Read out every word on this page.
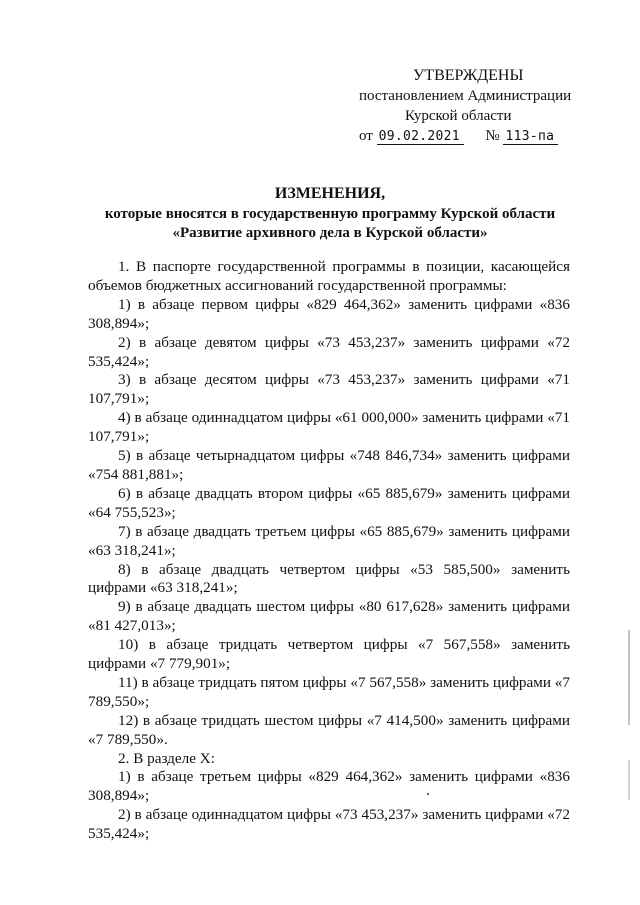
УТВЕРЖДЕНЫ
постановлением Администрации
Курской области
от 09.02.2021 № 113-па
ИЗМЕНЕНИЯ,
которые вносятся в государственную программу Курской области
«Развитие архивного дела в Курской области»

1. В паспорте государственной программы в позиции, касающейся объемов бюджетных ассигнований государственной программы:

1) в абзаце первом цифры «829 464,362» заменить цифрами «836 308,894»;

2) в абзаце девятом цифры «73 453,237» заменить цифрами «72 535,424»;

3) в абзаце десятом цифры «73 453,237» заменить цифрами «71 107,791»;

4) в абзаце одиннадцатом цифры «61 000,000» заменить цифрами «71 107,791»;

5) в абзаце четырнадцатом цифры «748 846,734» заменить цифрами «754 881,881»;

6) в абзаце двадцать втором цифры «65 885,679» заменить цифрами «64 755,523»;

7) в абзаце двадцать третьем цифры «65 885,679» заменить цифрами «63 318,241»;

8) в абзаце двадцать четвертом цифры «53 585,500» заменить цифрами «63 318,241»;

9) в абзаце двадцать шестом цифры «80 617,628» заменить цифрами «81 427,013»;

10) в абзаце тридцать четвертом цифры «7 567,558» заменить цифрами «7 779,901»;

11) в абзаце тридцать пятом цифры «7 567,558» заменить цифрами «7 789,550»;

12) в абзаце тридцать шестом цифры «7 414,500» заменить цифрами «7 789,550».

2. В разделе X:

1) в абзаце третьем цифры «829 464,362» заменить цифрами «836 308,894»;

2) в абзаце одиннадцатом цифры «73 453,237» заменить цифрами «72 535,424»;
